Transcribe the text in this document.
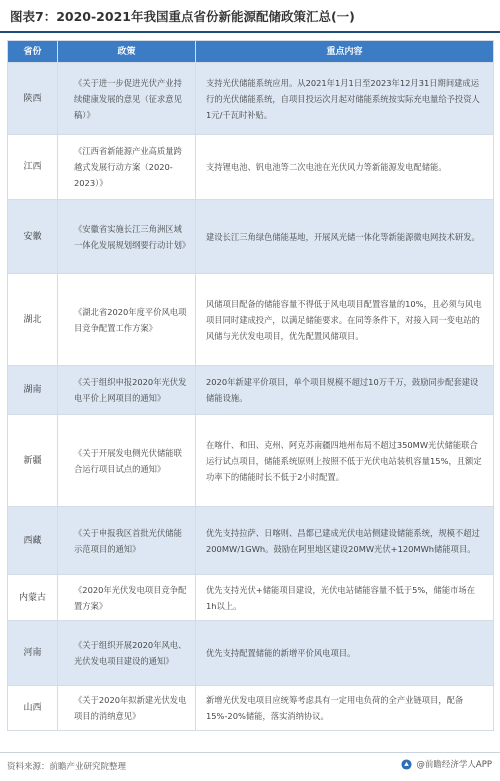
图表7：2020-2021年我国重点省份新能源配储政策汇总(一)
省份	政策	重点内容
陕西	《关于进一步促进光伏产业持续健康发展的意见（征求意见稿）》	支持光伏储能系统应用。从2021年1月1日至2023年12月31日期间建成运行的光伏储能系统，自项目投运次月起对储能系统按实际充电量给予投资人1元/千瓦时补贴。
江西	《江西省新能源产业高质量跨越式发展行动方案（2020-2023）》	支持锂电池、钒电池等二次电池在光伏风力等新能源发电配储能。
安徽	《安徽省实施长江三角洲区域一体化发展规划纲要行动计划》	建设长江三角绿色储能基地，开展风光储一体化等新能源微电网技术研发。
湖北	《湖北省2020年度平价风电项目竞争配置工作方案》	风储项目配备的储能容量不得低于风电项目配置容量的10%，且必须与风电项目同时建成投产，以满足储能要求。在同等条件下，对接入同一变电站的风储与光伏发电项目，优先配置风储项目。
湖南	《关于组织申报2020年光伏发电平价上网项目的通知》	2020年新建平价项目，单个项目规模不超过10万千万，鼓励同步配套建设储能设施。
新疆	《关于开展发电侧光伏储能联合运行项目试点的通知》	在喀什、和田、克州、阿克苏南疆四地州布局不超过350MW光伏储能联合运行试点项目，储能系统原则上按照不低于光伏电站装机容量15%，且额定功率下的储能时长不低于2小时配置。
西藏	《关于申报我区首批光伏储能示范项目的通知》	优先支持拉萨、日喀则、昌都已建成光伏电站侧建设储能系统，规模不超过200MW/1GWh。鼓励在阿里地区建设20MW光伏+120MWh储能项目。
内蒙古	《2020年光伏发电项目竞争配置方案》	优先支持光伏+储能项目建设，光伏电站储能容量不低于5%，储能市场在1h以上。
河南	《关于组织开展2020年风电、光伏发电项目建设的通知》	优先支持配置储能的新增平价风电项目。
山西	《关于2020年拟新建光伏发电项目的消纳意见》	新增光伏发电项目应统筹考虑具有一定用电负荷的全产业链项目，配备15%-20%储能，落实消纳协议。
资料来源：前瞻产业研究院整理	@前瞻经济学人APP
